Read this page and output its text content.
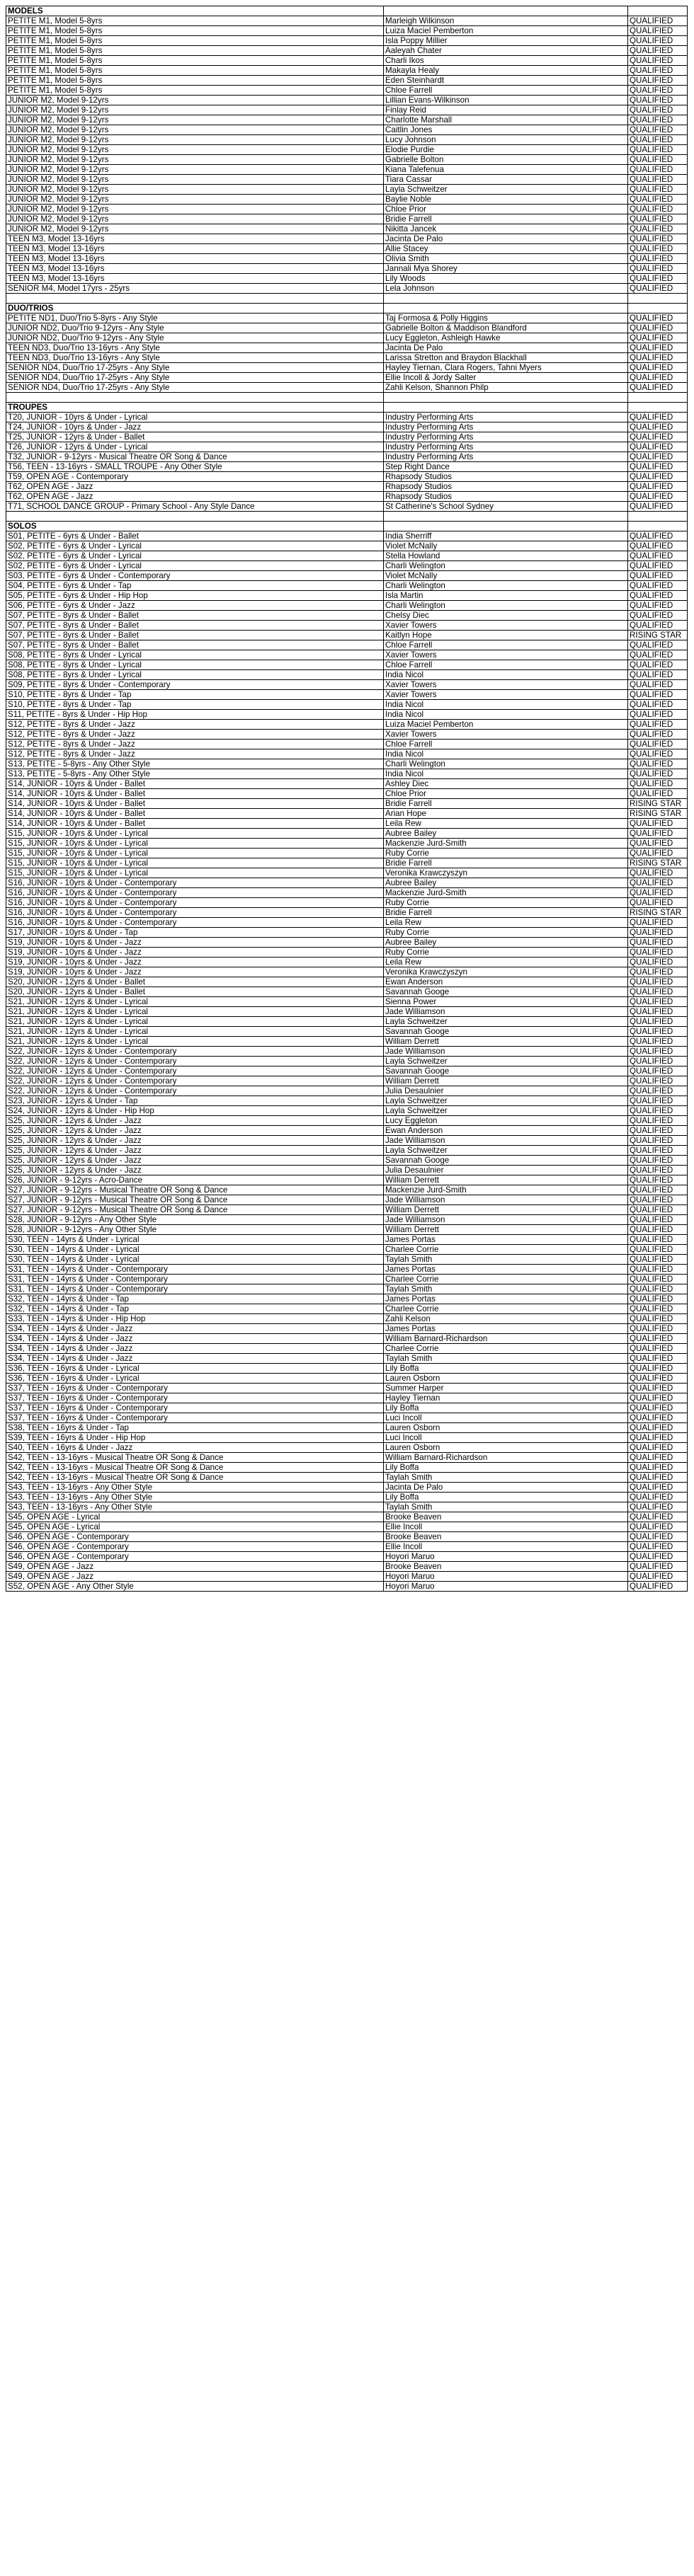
MODELS		
PETITE M1, Model 5-8yrs	Marleigh Wilkinson	QUALIFIED
PETITE M1, Model 5-8yrs	Luiza Maciel Pemberton	QUALIFIED
PETITE M1, Model 5-8yrs	Isla Poppy Millier	QUALIFIED
PETITE M1, Model 5-8yrs	Aaleyah Chater	QUALIFIED
PETITE M1, Model 5-8yrs	Charli Ikos	QUALIFIED
PETITE M1, Model 5-8yrs	Makayla Healy	QUALIFIED
PETITE M1, Model 5-8yrs	Eden Steinhardt	QUALIFIED
PETITE M1, Model 5-8yrs	Chloe Farrell	QUALIFIED
JUNIOR M2, Model 9-12yrs	Lillian Evans-Wilkinson	QUALIFIED
JUNIOR M2, Model 9-12yrs	Finlay Reid	QUALIFIED
JUNIOR M2, Model 9-12yrs	Charlotte Marshall	QUALIFIED
JUNIOR M2, Model 9-12yrs	Caitlin Jones	QUALIFIED
JUNIOR M2, Model 9-12yrs	Lucy Johnson	QUALIFIED
JUNIOR M2, Model 9-12yrs	Elodie Purdie	QUALIFIED
JUNIOR M2, Model 9-12yrs	Gabrielle Bolton	QUALIFIED
JUNIOR M2, Model 9-12yrs	Kiana Talefenua	QUALIFIED
JUNIOR M2, Model 9-12yrs	Tiara Cassar	QUALIFIED
JUNIOR M2, Model 9-12yrs	Layla Schweitzer	QUALIFIED
JUNIOR M2, Model 9-12yrs	Baylie Noble	QUALIFIED
JUNIOR M2, Model 9-12yrs	Chloe Prior	QUALIFIED
JUNIOR M2, Model 9-12yrs	Bridie Farrell	QUALIFIED
JUNIOR M2, Model 9-12yrs	Nikitta Jancek	QUALIFIED
TEEN M3, Model 13-16yrs	Jacinta De Palo	QUALIFIED
TEEN M3, Model 13-16yrs	Allie Stacey	QUALIFIED
TEEN M3, Model 13-16yrs	Olivia Smith	QUALIFIED
TEEN M3, Model 13-16yrs	Jannali Mya Shorey	QUALIFIED
TEEN M3, Model 13-16yrs	Lily Woods	QUALIFIED
SENIOR M4, Model 17yrs - 25yrs	Lela Johnson	QUALIFIED

DUO/TRIOS		
PETITE ND1, Duo/Trio 5-8yrs - Any Style	Taj Formosa & Polly Higgins	QUALIFIED
JUNIOR ND2, Duo/Trio 9-12yrs - Any Style	Gabrielle Bolton & Maddison Blandford	QUALIFIED
JUNIOR ND2, Duo/Trio 9-12yrs - Any Style	Lucy Eggleton, Ashleigh Hawke	QUALIFIED
TEEN ND3, Duo/Trio 13-16yrs - Any Style	Jacinta De Palo	QUALIFIED
TEEN ND3, Duo/Trio 13-16yrs - Any Style	Larissa Stretton and Braydon Blackhall	QUALIFIED
SENIOR ND4, Duo/Trio 17-25yrs - Any Style	Hayley Tiernan, Clara Rogers, Tahni Myers	QUALIFIED
SENIOR ND4, Duo/Trio 17-25yrs - Any Style	Ellie Incoll & Jordy Salter	QUALIFIED
SENIOR ND4, Duo/Trio 17-25yrs - Any Style	Zahli Kelson, Shannon Philp	QUALIFIED

TROUPES		
T20, JUNIOR - 10yrs & Under - Lyrical	Industry Performing Arts	QUALIFIED
T24, JUNIOR - 10yrs & Under - Jazz	Industry Performing Arts	QUALIFIED
T25, JUNIOR - 12yrs & Under - Ballet	Industry Performing Arts	QUALIFIED
T26, JUNIOR - 12yrs & Under - Lyrical	Industry Performing Arts	QUALIFIED
T32, JUNIOR - 9-12yrs - Musical Theatre OR Song & Dance	Industry Performing Arts	QUALIFIED
T56, TEEN - 13-16yrs - SMALL TROUPE - Any Other Style	Step Right Dance	QUALIFIED
T59, OPEN AGE - Contemporary	Rhapsody Studios	QUALIFIED
T62, OPEN AGE - Jazz	Rhapsody Studios	QUALIFIED
T62, OPEN AGE - Jazz	Rhapsody Studios	QUALIFIED
T71, SCHOOL DANCE GROUP - Primary School - Any Style Dance	St Catherine's School Sydney	QUALIFIED

SOLOS		
S01, PETITE - 6yrs & Under - Ballet	India Sherriff	QUALIFIED
S02, PETITE - 6yrs & Under - Lyrical	Violet McNally	QUALIFIED
S02, PETITE - 6yrs & Under - Lyrical	Stella Howland	QUALIFIED
S02, PETITE - 6yrs & Under - Lyrical	Charli Welington	QUALIFIED
S03, PETITE - 6yrs & Under - Contemporary	Violet McNally	QUALIFIED
S04, PETITE - 6yrs & Under - Tap	Charli Welington	QUALIFIED
S05, PETITE - 6yrs & Under - Hip Hop	Isla Martin	QUALIFIED
S06, PETITE - 6yrs & Under - Jazz	Charli Welington	QUALIFIED
S07, PETITE - 8yrs & Under - Ballet	Chelsy Diec	QUALIFIED
S07, PETITE - 8yrs & Under - Ballet	Xavier Towers	QUALIFIED
S07, PETITE - 8yrs & Under - Ballet	Kaitlyn Hope	RISING STAR
S07, PETITE - 8yrs & Under - Ballet	Chloe Farrell	QUALIFIED
S08, PETITE - 8yrs & Under - Lyrical	Xavier Towers	QUALIFIED
S08, PETITE - 8yrs & Under - Lyrical	Chloe Farrell	QUALIFIED
S08, PETITE - 8yrs & Under - Lyrical	India Nicol	QUALIFIED
S09, PETITE - 8yrs & Under - Contemporary	Xavier Towers	QUALIFIED
S10, PETITE - 8yrs & Under - Tap	Xavier Towers	QUALIFIED
S10, PETITE - 8yrs & Under - Tap	India Nicol	QUALIFIED
S11, PETITE - 8yrs & Under - Hip Hop	India Nicol	QUALIFIED
S12, PETITE - 8yrs & Under - Jazz	Luiza Maciel Pemberton	QUALIFIED
S12, PETITE - 8yrs & Under - Jazz	Xavier Towers	QUALIFIED
S12, PETITE - 8yrs & Under - Jazz	Chloe Farrell	QUALIFIED
S12, PETITE - 8yrs & Under - Jazz	India Nicol	QUALIFIED
S13, PETITE - 5-8yrs - Any Other Style	Charli Welington	QUALIFIED
S13, PETITE - 5-8yrs - Any Other Style	India Nicol	QUALIFIED
S14, JUNIOR - 10yrs & Under - Ballet	Ashley Diec	QUALIFIED
S14, JUNIOR - 10yrs & Under - Ballet	Chloe Prior	QUALIFIED
S14, JUNIOR - 10yrs & Under - Ballet	Bridie Farrell	RISING STAR
S14, JUNIOR - 10yrs & Under - Ballet	Arian Hope	RISING STAR
S14, JUNIOR - 10yrs & Under - Ballet	Leila Rew	QUALIFIED
S15, JUNIOR - 10yrs & Under - Lyrical	Aubree Bailey	QUALIFIED
S15, JUNIOR - 10yrs & Under - Lyrical	Mackenzie Jurd-Smith	QUALIFIED
S15, JUNIOR - 10yrs & Under - Lyrical	Ruby Corrie	QUALIFIED
S15, JUNIOR - 10yrs & Under - Lyrical	Bridie Farrell	RISING STAR
S15, JUNIOR - 10yrs & Under - Lyrical	Veronika Krawczyszyn	QUALIFIED
S16, JUNIOR - 10yrs & Under - Contemporary	Aubree Bailey	QUALIFIED
S16, JUNIOR - 10yrs & Under - Contemporary	Mackenzie Jurd-Smith	QUALIFIED
S16, JUNIOR - 10yrs & Under - Contemporary	Ruby Corrie	QUALIFIED
S16, JUNIOR - 10yrs & Under - Contemporary	Bridie Farrell	RISING STAR
S16, JUNIOR - 10yrs & Under - Contemporary	Leila Rew	QUALIFIED
S17, JUNIOR - 10yrs & Under - Tap	Ruby Corrie	QUALIFIED
S19, JUNIOR - 10yrs & Under - Jazz	Aubree Bailey	QUALIFIED
S19, JUNIOR - 10yrs & Under - Jazz	Ruby Corrie	QUALIFIED
S19, JUNIOR - 10yrs & Under - Jazz	Leila Rew	QUALIFIED
S19, JUNIOR - 10yrs & Under - Jazz	Veronika Krawczyszyn	QUALIFIED
S20, JUNIOR - 12yrs & Under - Ballet	Ewan Anderson	QUALIFIED
S20, JUNIOR - 12yrs & Under - Ballet	Savannah Googe	QUALIFIED
S21, JUNIOR - 12yrs & Under - Lyrical	Sienna Power	QUALIFIED
S21, JUNIOR - 12yrs & Under - Lyrical	Jade Williamson	QUALIFIED
S21, JUNIOR - 12yrs & Under - Lyrical	Layla Schweitzer	QUALIFIED
S21, JUNIOR - 12yrs & Under - Lyrical	Savannah Googe	QUALIFIED
S21, JUNIOR - 12yrs & Under - Lyrical	William Derrett	QUALIFIED
S22, JUNIOR - 12yrs & Under - Contemporary	Jade Williamson	QUALIFIED
S22, JUNIOR - 12yrs & Under - Contemporary	Layla Schweitzer	QUALIFIED
S22, JUNIOR - 12yrs & Under - Contemporary	Savannah Googe	QUALIFIED
S22, JUNIOR - 12yrs & Under - Contemporary	William Derrett	QUALIFIED
S22, JUNIOR - 12yrs & Under - Contemporary	Julia Desaulnier	QUALIFIED
S23, JUNIOR - 12yrs & Under - Tap	Layla Schweitzer	QUALIFIED
S24, JUNIOR - 12yrs & Under - Hip Hop	Layla Schweitzer	QUALIFIED
S25, JUNIOR - 12yrs & Under - Jazz	Lucy Eggleton	QUALIFIED
S25, JUNIOR - 12yrs & Under - Jazz	Ewan Anderson	QUALIFIED
S25, JUNIOR - 12yrs & Under - Jazz	Jade Williamson	QUALIFIED
S25, JUNIOR - 12yrs & Under - Jazz	Layla Schweitzer	QUALIFIED
S25, JUNIOR - 12yrs & Under - Jazz	Savannah Googe	QUALIFIED
S25, JUNIOR - 12yrs & Under - Jazz	Julia Desaulnier	QUALIFIED
S26, JUNIOR - 9-12yrs - Acro-Dance	William Derrett	QUALIFIED
S27, JUNIOR - 9-12yrs - Musical Theatre OR Song & Dance	Mackenzie Jurd-Smith	QUALIFIED
S27, JUNIOR - 9-12yrs - Musical Theatre OR Song & Dance	Jade Williamson	QUALIFIED
S27, JUNIOR - 9-12yrs - Musical Theatre OR Song & Dance	William Derrett	QUALIFIED
S28, JUNIOR - 9-12yrs - Any Other Style	Jade Williamson	QUALIFIED
S28, JUNIOR - 9-12yrs - Any Other Style	William Derrett	QUALIFIED
S30, TEEN - 14yrs & Under - Lyrical	James Portas	QUALIFIED
S30, TEEN - 14yrs & Under - Lyrical	Charlee Corrie	QUALIFIED
S30, TEEN - 14yrs & Under - Lyrical	Taylah Smith	QUALIFIED
S31, TEEN - 14yrs & Under - Contemporary	James Portas	QUALIFIED
S31, TEEN - 14yrs & Under - Contemporary	Charlee Corrie	QUALIFIED
S31, TEEN - 14yrs & Under - Contemporary	Taylah Smith	QUALIFIED
S32, TEEN - 14yrs & Under - Tap	James Portas	QUALIFIED
S32, TEEN - 14yrs & Under - Tap	Charlee Corrie	QUALIFIED
S33, TEEN - 14yrs & Under - Hip Hop	Zahli Kelson	QUALIFIED
S34, TEEN - 14yrs & Under - Jazz	James Portas	QUALIFIED
S34, TEEN - 14yrs & Under - Jazz	William Barnard-Richardson	QUALIFIED
S34, TEEN - 14yrs & Under - Jazz	Charlee Corrie	QUALIFIED
S34, TEEN - 14yrs & Under - Jazz	Taylah Smith	QUALIFIED
S36, TEEN - 16yrs & Under - Lyrical	Lily Boffa	QUALIFIED
S36, TEEN - 16yrs & Under - Lyrical	Lauren Osborn	QUALIFIED
S37, TEEN - 16yrs & Under - Contemporary	Summer Harper	QUALIFIED
S37, TEEN - 16yrs & Under - Contemporary	Hayley Tiernan	QUALIFIED
S37, TEEN - 16yrs & Under - Contemporary	Lily Boffa	QUALIFIED
S37, TEEN - 16yrs & Under - Contemporary	Luci Incoll	QUALIFIED
S38, TEEN - 16yrs & Under - Tap	Lauren Osborn	QUALIFIED
S39, TEEN - 16yrs & Under - Hip Hop	Luci Incoll	QUALIFIED
S40, TEEN - 16yrs & Under - Jazz	Lauren Osborn	QUALIFIED
S42, TEEN - 13-16yrs - Musical Theatre OR Song & Dance	William Barnard-Richardson	QUALIFIED
S42, TEEN - 13-16yrs - Musical Theatre OR Song & Dance	Lily Boffa	QUALIFIED
S42, TEEN - 13-16yrs - Musical Theatre OR Song & Dance	Taylah Smith	QUALIFIED
S43, TEEN - 13-16yrs - Any Other Style	Jacinta De Palo	QUALIFIED
S43, TEEN - 13-16yrs - Any Other Style	Lily Boffa	QUALIFIED
S43, TEEN - 13-16yrs - Any Other Style	Taylah Smith	QUALIFIED
S45, OPEN AGE - Lyrical	Brooke Beaven	QUALIFIED
S45, OPEN AGE - Lyrical	Ellie Incoll	QUALIFIED
S46, OPEN AGE - Contemporary	Brooke Beaven	QUALIFIED
S46, OPEN AGE - Contemporary	Ellie Incoll	QUALIFIED
S46, OPEN AGE - Contemporary	Hoyori Maruo	QUALIFIED
S49, OPEN AGE - Jazz	Brooke Beaven	QUALIFIED
S49, OPEN AGE - Jazz	Hoyori Maruo	QUALIFIED
S52, OPEN AGE - Any Other Style	Hoyori Maruo	QUALIFIED
